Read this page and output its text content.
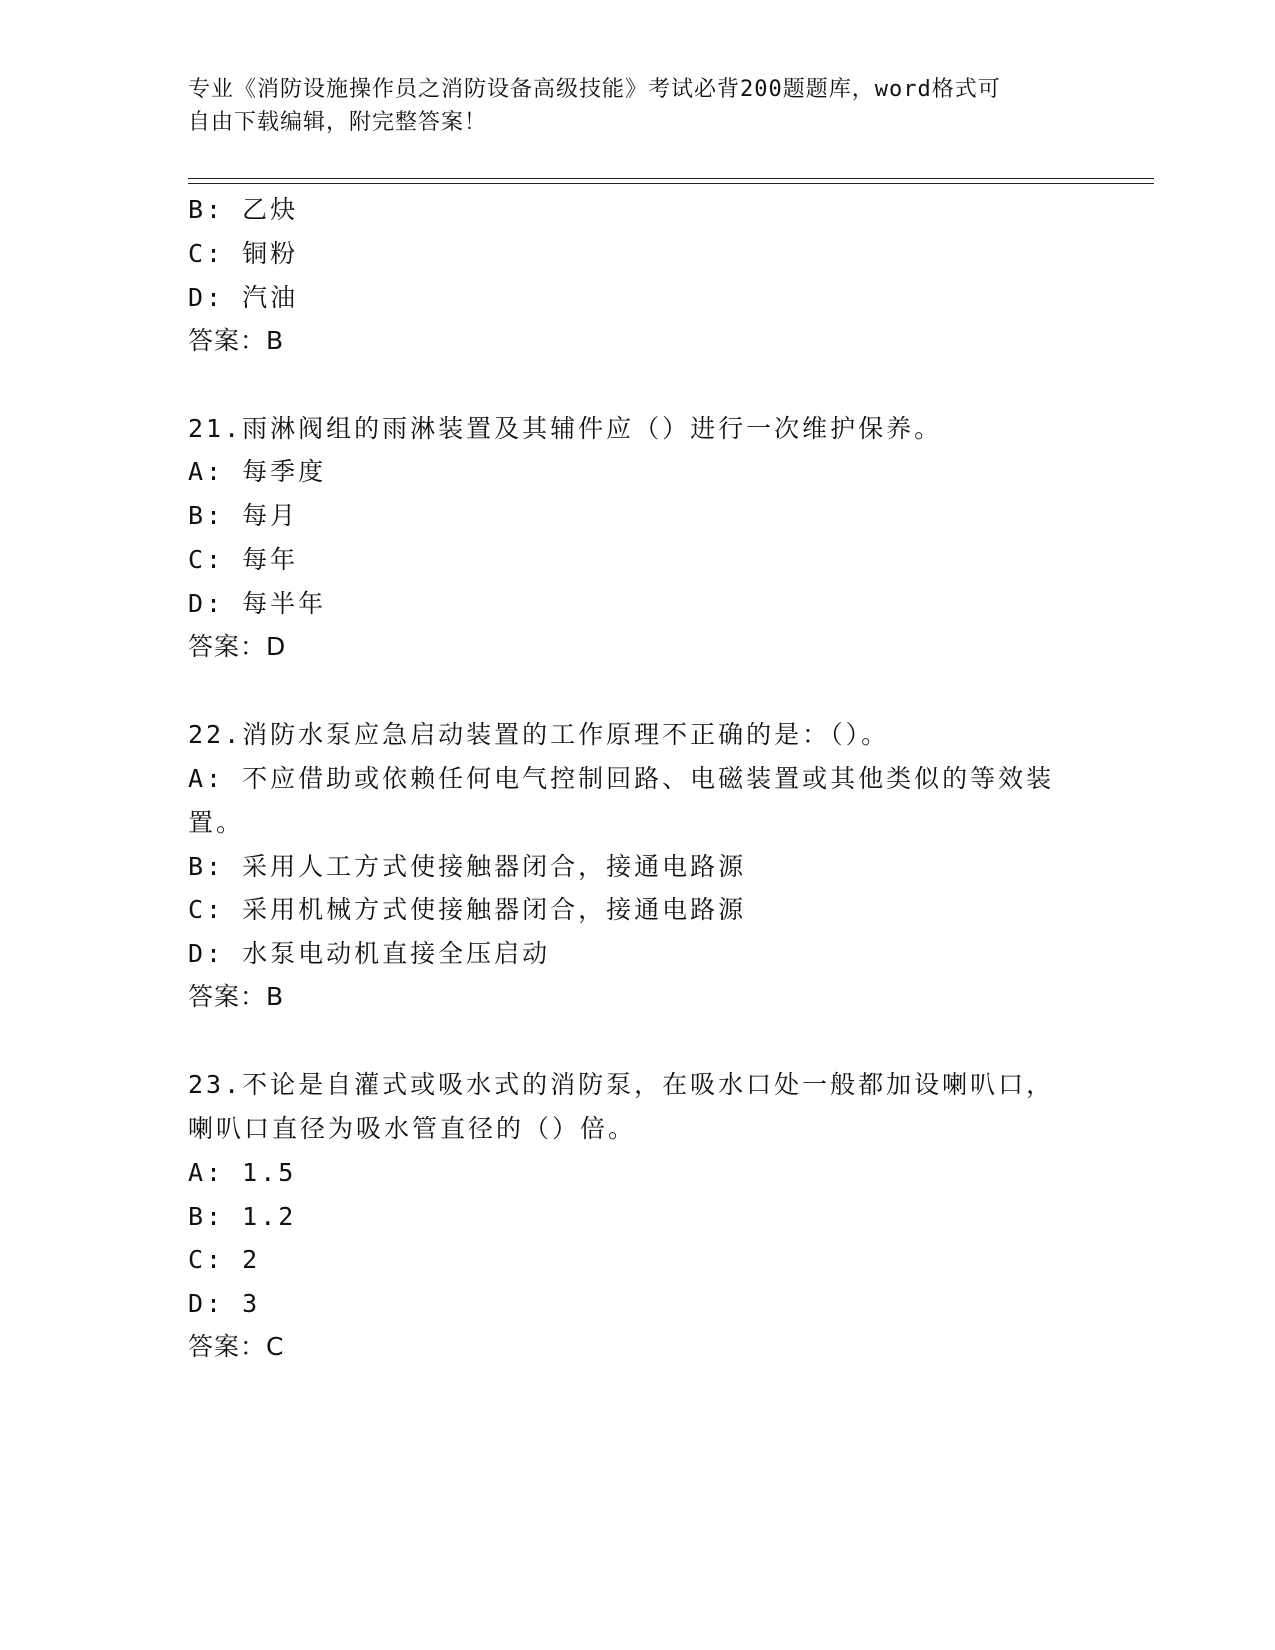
专业《消防设施操作员之消防设备高级技能》考试必背200题题库，word格式可
自由下载编辑，附完整答案！
B: 乙炔
C: 铜粉
D: 汽油
答案：B
21.雨淋阀组的雨淋装置及其辅件应（）进行一次维护保养。
A: 每季度
B: 每月
C: 每年
D: 每半年
答案：D
22.消防水泵应急启动装置的工作原理不正确的是：（）。
A: 不应借助或依赖任何电气控制回路、电磁装置或其他类似的等效装
置。
B: 采用人工方式使接触器闭合，接通电路源
C: 采用机械方式使接触器闭合，接通电路源
D: 水泵电动机直接全压启动
答案：B
23.不论是自灌式或吸水式的消防泵，在吸水口处一般都加设喇叭口，
喇叭口直径为吸水管直径的（）倍。
A: 1.5
B: 1.2
C: 2
D: 3
答案：C
